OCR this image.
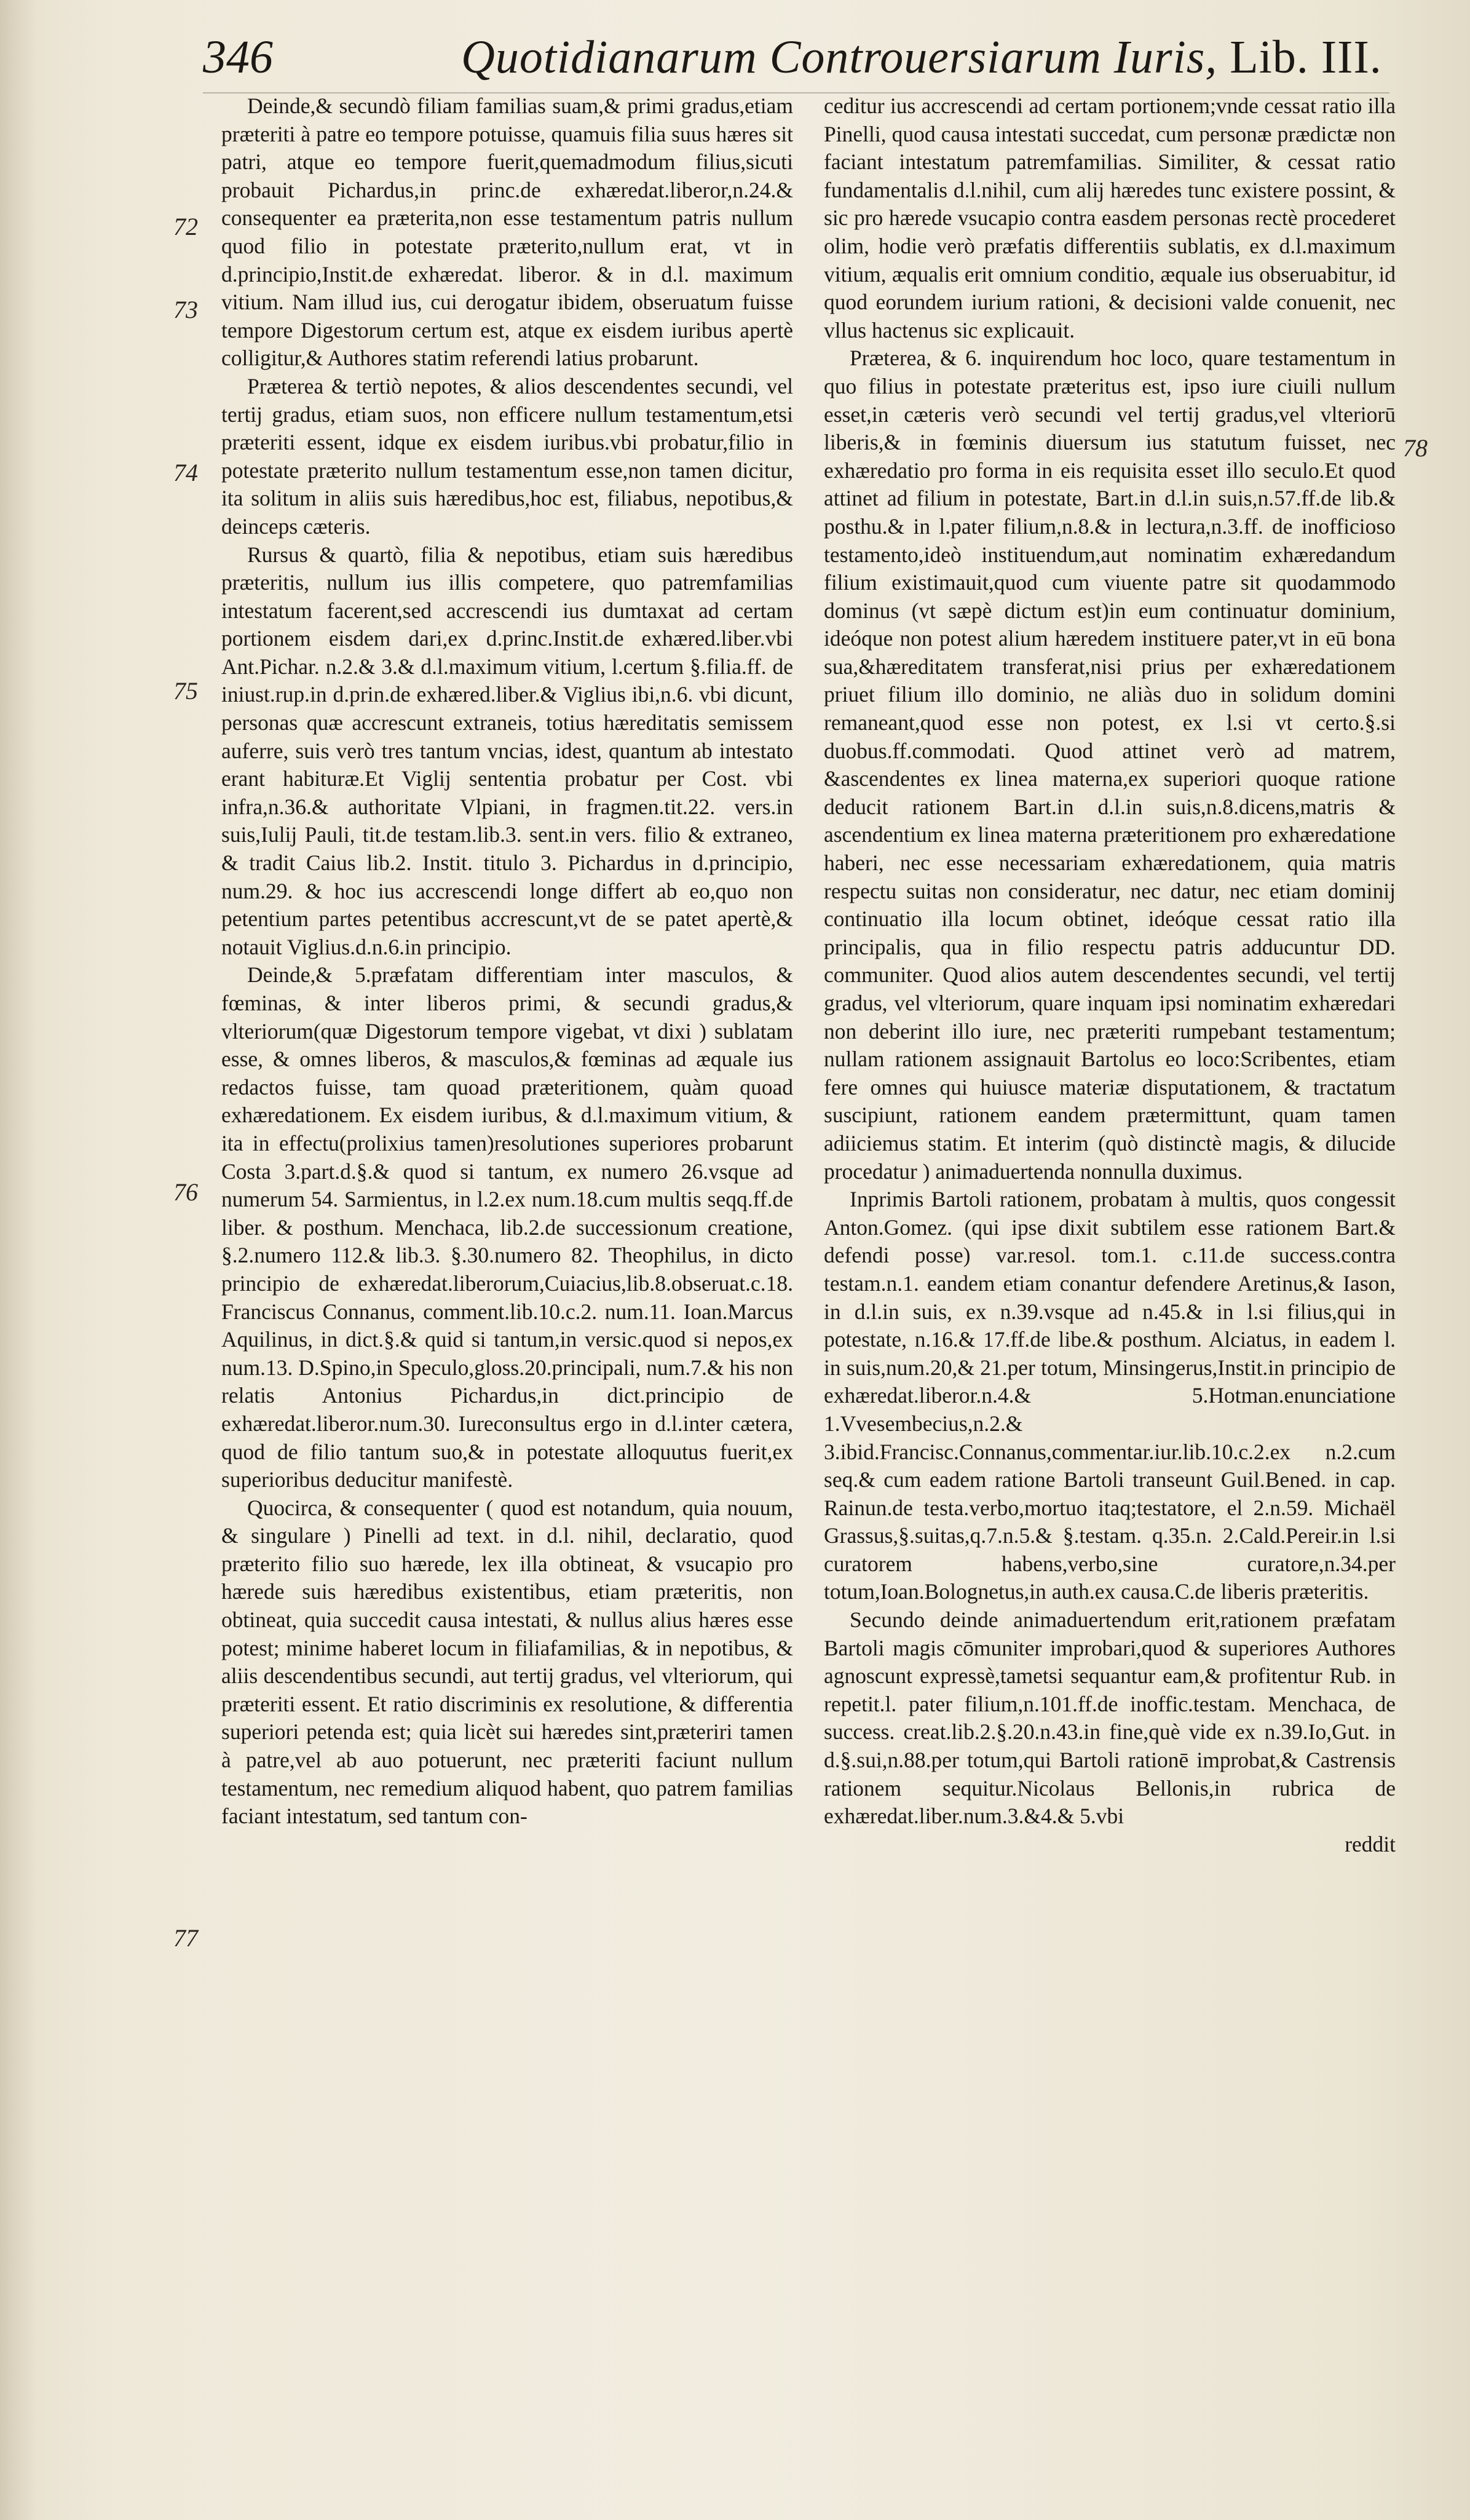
346	Quotidianarum Controuersiarum Iuris, Lib. III.
72
73
74
75
76
77
78

Deinde,& secundò filiam familias suam,& primi gradus,etiam præteriti à patre eo tempore potuisse, quamuis filia suus hæres sit patri, atque eo tempore fuerit,quemadmodum filius,sicuti probauit Pichardus,in princ.de exhæredat.liberor,n.24.& consequenter ea præterita,non esse testamentum patris nullum quod filio in potestate præterito,nullum erat, vt in d.principio,Instit.de exhæredat. liberor. & in d.l. maximum vitium. Nam illud ius, cui derogatur ibidem, obseruatum fuisse tempore Digestorum certum est, atque ex eisdem iuribus apertè colligitur,& Authores statim referendi latius probarunt.

Præterea & tertiò nepotes, & alios descendentes secundi, vel tertij gradus, etiam suos, non efficere nullum testamentum,etsi præteriti essent, idque ex eisdem iuribus.vbi probatur,filio in potestate præterito nullum testamentum esse,non tamen dicitur, ita solitum in aliis suis hæredibus,hoc est, filiabus, nepotibus,& deinceps cæteris.

Rursus & quartò, filia & nepotibus, etiam suis hæredibus præteritis, nullum ius illis competere, quo patremfamilias intestatum facerent,sed accrescendi ius dumtaxat ad certam portionem eisdem dari,ex d.princ.Instit.de exhæred.liber.vbi Ant.Pichar. n.2.& 3.& d.l.maximum vitium, l.certum §.filia.ff. de iniust.rup.in d.prin.de exhæred.liber.& Viglius ibi,n.6. vbi dicunt, personas quæ accrescunt extraneis, totius hæreditatis semissem auferre, suis verò tres tantum vncias, idest, quantum ab intestato erant habituræ.Et Viglij sententia probatur per Cost. vbi infra,n.36.& authoritate Vlpiani, in fragmen.tit.22. vers.in suis,Iulij Pauli, tit.de testam.lib.3. sent.in vers. filio & extraneo, & tradit Caius lib.2. Instit. titulo 3. Pichardus in d.principio, num.29. & hoc ius accrescendi longe differt ab eo,quo non petentium partes petentibus accrescunt,vt de se patet apertè,& notauit Viglius.d.n.6.in principio.

Deinde,& 5.præfatam differentiam inter masculos, & fœminas, & inter liberos primi, & secundi gradus,& vlteriorum(quæ Digestorum tempore vigebat, vt dixi ) sublatam esse, & omnes liberos, & masculos,& fœminas ad æquale ius redactos fuisse, tam quoad præteritionem, quàm quoad exhæredationem. Ex eisdem iuribus, & d.l.maximum vitium, & ita in effectu(prolixius tamen)resolutiones superiores probarunt Costa 3.part.d.§.& quod si tantum, ex numero 26.vsque ad numerum 54. Sarmientus, in l.2.ex num.18.cum multis seqq.ff.de liber. & posthum. Menchaca, lib.2.de successionum creatione, §.2.numero 112.& lib.3. §.30.numero 82. Theophilus, in dicto principio de exhæredat.liberorum,Cuiacius,lib.8.obseruat.c.18. Franciscus Connanus, comment.lib.10.c.2. num.11. Ioan.Marcus Aquilinus, in dict.§.& quid si tantum,in versic.quod si nepos,ex num.13. D.Spino,in Speculo,gloss.20.principali, num.7.& his non relatis Antonius Pichardus,in dict.principio de exhæredat.liberor.num.30. Iureconsultus ergo in d.l.inter cætera, quod de filio tantum suo,& in potestate alloquutus fuerit,ex superioribus deducitur manifestè.

Quocirca, & consequenter ( quod est notandum, quia nouum, & singulare ) Pinelli ad text. in d.l. nihil, declaratio, quod præterito filio suo hærede, lex illa obtineat, & vsucapio pro hærede suis hæredibus existentibus, etiam præteritis, non obtineat, quia succedit causa intestati, & nullus alius hæres esse potest; minime haberet locum in filiafamilias, & in nepotibus, & aliis descendentibus secundi, aut tertij gradus, vel vlteriorum, qui præteriti essent. Et ratio discriminis ex resolutione, & differentia superiori petenda est; quia licèt sui hæredes sint,præteriri tamen à patre,vel ab auo potuerunt, nec præteriti faciunt nullum testamentum, nec remedium aliquod habent, quo patrem familias faciant intestatum, sed tantum con-

ceditur ius accrescendi ad certam portionem;vnde cessat ratio illa Pinelli, quod causa intestati succedat, cum personæ prædictæ non faciant intestatum patremfamilias. Similiter, & cessat ratio fundamentalis d.l.nihil, cum alij hæredes tunc existere possint, & sic pro hærede vsucapio contra easdem personas rectè procederet olim, hodie verò præfatis differentiis sublatis, ex d.l.maximum vitium, æqualis erit omnium conditio, æquale ius obseruabitur, id quod eorundem iurium rationi, & decisioni valde conuenit, nec vllus hactenus sic explicauit.

Præterea, & 6. inquirendum hoc loco, quare testamentum in quo filius in potestate præteritus est, ipso iure ciuili nullum esset,in cæteris verò secundi vel tertij gradus,vel vlteriorū liberis,& in fœminis diuersum ius statutum fuisset, nec exhæredatio pro forma in eis requisita esset illo seculo.Et quod attinet ad filium in potestate, Bart.in d.l.in suis,n.57.ff.de lib.& posthu.& in l.pater filium,n.8.& in lectura,n.3.ff. de inofficioso testamento,ideò instituendum,aut nominatim exhæredandum filium existimauit,quod cum viuente patre sit quodammodo dominus (vt sæpè dictum est)in eum continuatur dominium, ideóque non potest alium hæredem instituere pater,vt in eū bona sua,&hæreditatem transferat,nisi prius per exhæredationem priuet filium illo dominio, ne aliàs duo in solidum domini remaneant,quod esse non potest, ex l.si vt certo.§.si duobus.ff.commodati. Quod attinet verò ad matrem, &ascendentes ex linea materna,ex superiori quoque ratione deducit rationem Bart.in d.l.in suis,n.8.dicens,matris & ascendentium ex linea materna præteritionem pro exhæredatione haberi, nec esse necessariam exhæredationem, quia matris respectu suitas non consideratur, nec datur, nec etiam dominij continuatio illa locum obtinet, ideóque cessat ratio illa principalis, qua in filio respectu patris adducuntur DD. communiter. Quod alios autem descendentes secundi, vel tertij gradus, vel vlteriorum, quare inquam ipsi nominatim exhæredari non deberint illo iure, nec præteriti rumpebant testamentum; nullam rationem assignauit Bartolus eo loco:Scribentes, etiam fere omnes qui huiusce materiæ disputationem, & tractatum suscipiunt, rationem eandem prætermittunt, quam tamen adiiciemus statim. Et interim (quò distinctè magis, & dilucide procedatur ) animaduertenda nonnulla duximus.

Inprimis Bartoli rationem, probatam à multis, quos congessit Anton.Gomez. (qui ipse dixit subtilem esse rationem Bart.& defendi posse) var.resol. tom.1. c.11.de success.contra testam.n.1. eandem etiam conantur defendere Aretinus,& Iason, in d.l.in suis, ex n.39.vsque ad n.45.& in l.si filius,qui in potestate, n.16.& 17.ff.de libe.& posthum. Alciatus, in eadem l. in suis,num.20,& 21.per totum, Minsingerus,Instit.in principio de exhæredat.liberor.n.4.& 5.Hotman.enunciatione 1.Vvesembecius,n.2.& 3.ibid.Francisc.Connanus,commentar.iur.lib.10.c.2.ex n.2.cum seq.& cum eadem ratione Bartoli transeunt Guil.Bened. in cap. Rainun.de testa.verbo,mortuo itaq;testatore, el 2.n.59. Michaël Grassus,§.suitas,q.7.n.5.& §.testam. q.35.n. 2.Cald.Pereir.in l.si curatorem habens,verbo,sine curatore,n.34.per totum,Ioan.Bolognetus,in auth.ex causa.C.de liberis præteritis.

Secundo deinde animaduertendum erit,rationem præfatam Bartoli magis cōmuniter improbari,quod & superiores Authores agnoscunt expressè,tametsi sequantur eam,& profitentur Rub. in repetit.l. pater filium,n.101.ff.de inoffic.testam. Menchaca, de success. creat.lib.2.§.20.n.43.in fine,què vide ex n.39.Io,Gut. in d.§.sui,n.88.per totum,qui Bartoli rationē improbat,& Castrensis rationem sequitur.Nicolaus Bellonis,in rubrica de exhæredat.liber.num.3.&4.& 5.vbi

reddit
